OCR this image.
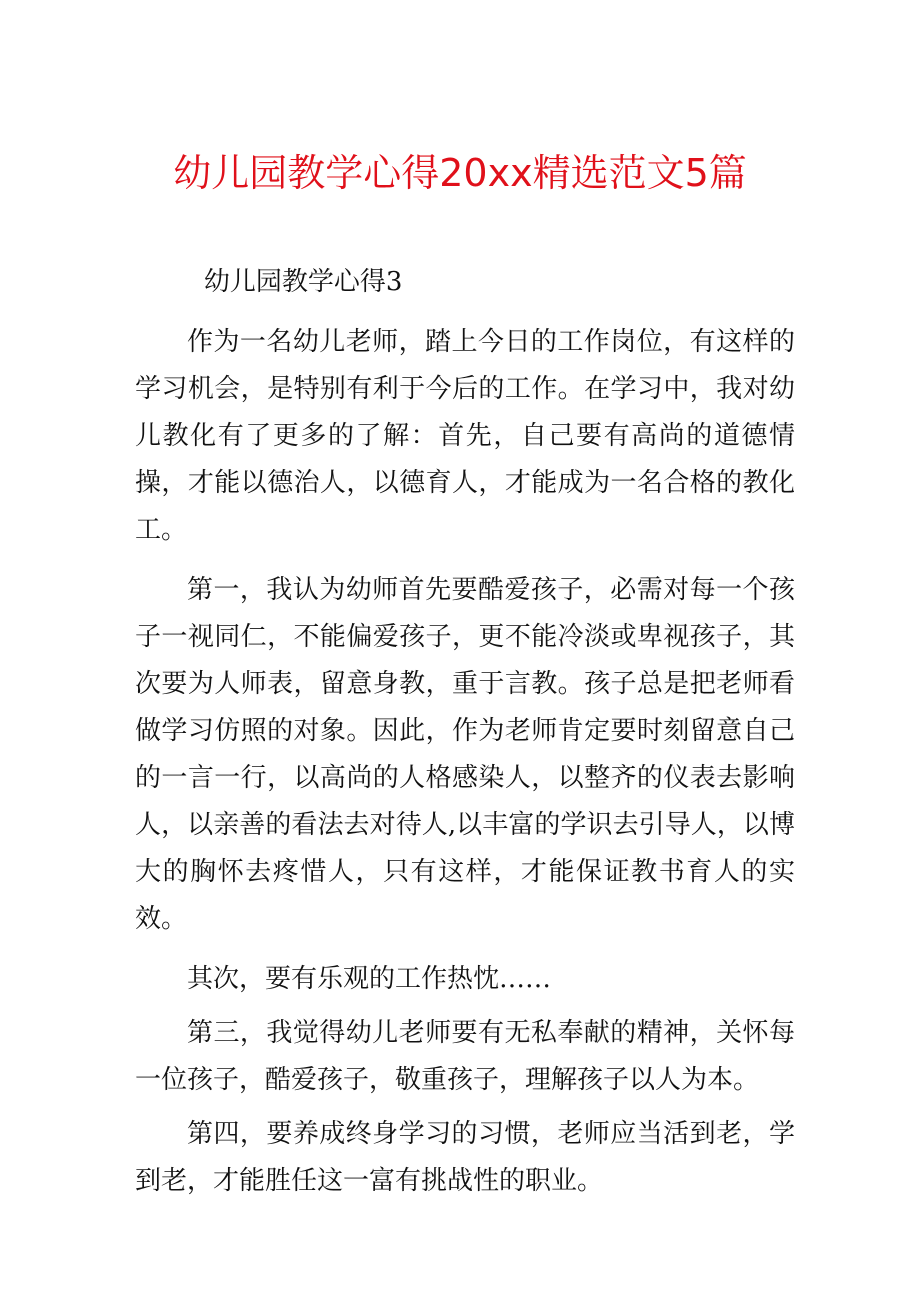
幼儿园教学心得20xx精选范文5篇

幼儿园教学心得3

作为一名幼儿老师，踏上今日的工作岗位，有这样的学习机会，是特别有利于今后的工作。在学习中，我对幼儿教化有了更多的了解：首先，自己要有高尚的道德情操，才能以德治人，以德育人，才能成为一名合格的教化工。

第一，我认为幼师首先要酷爱孩子，必需对每一个孩子一视同仁，不能偏爱孩子，更不能冷淡或卑视孩子，其次要为人师表，留意身教，重于言教。孩子总是把老师看做学习仿照的对象。因此，作为老师肯定要时刻留意自己的一言一行，以高尚的人格感染人，以整齐的仪表去影响人，以亲善的看法去对待人,以丰富的学识去引导人，以博大的胸怀去疼惜人，只有这样，才能保证教书育人的实效。

其次，要有乐观的工作热忱……

第三，我觉得幼儿老师要有无私奉献的精神，关怀每一位孩子，酷爱孩子，敬重孩子，理解孩子以人为本。

第四，要养成终身学习的习惯，老师应当活到老，学到老，才能胜任这一富有挑战性的职业。
